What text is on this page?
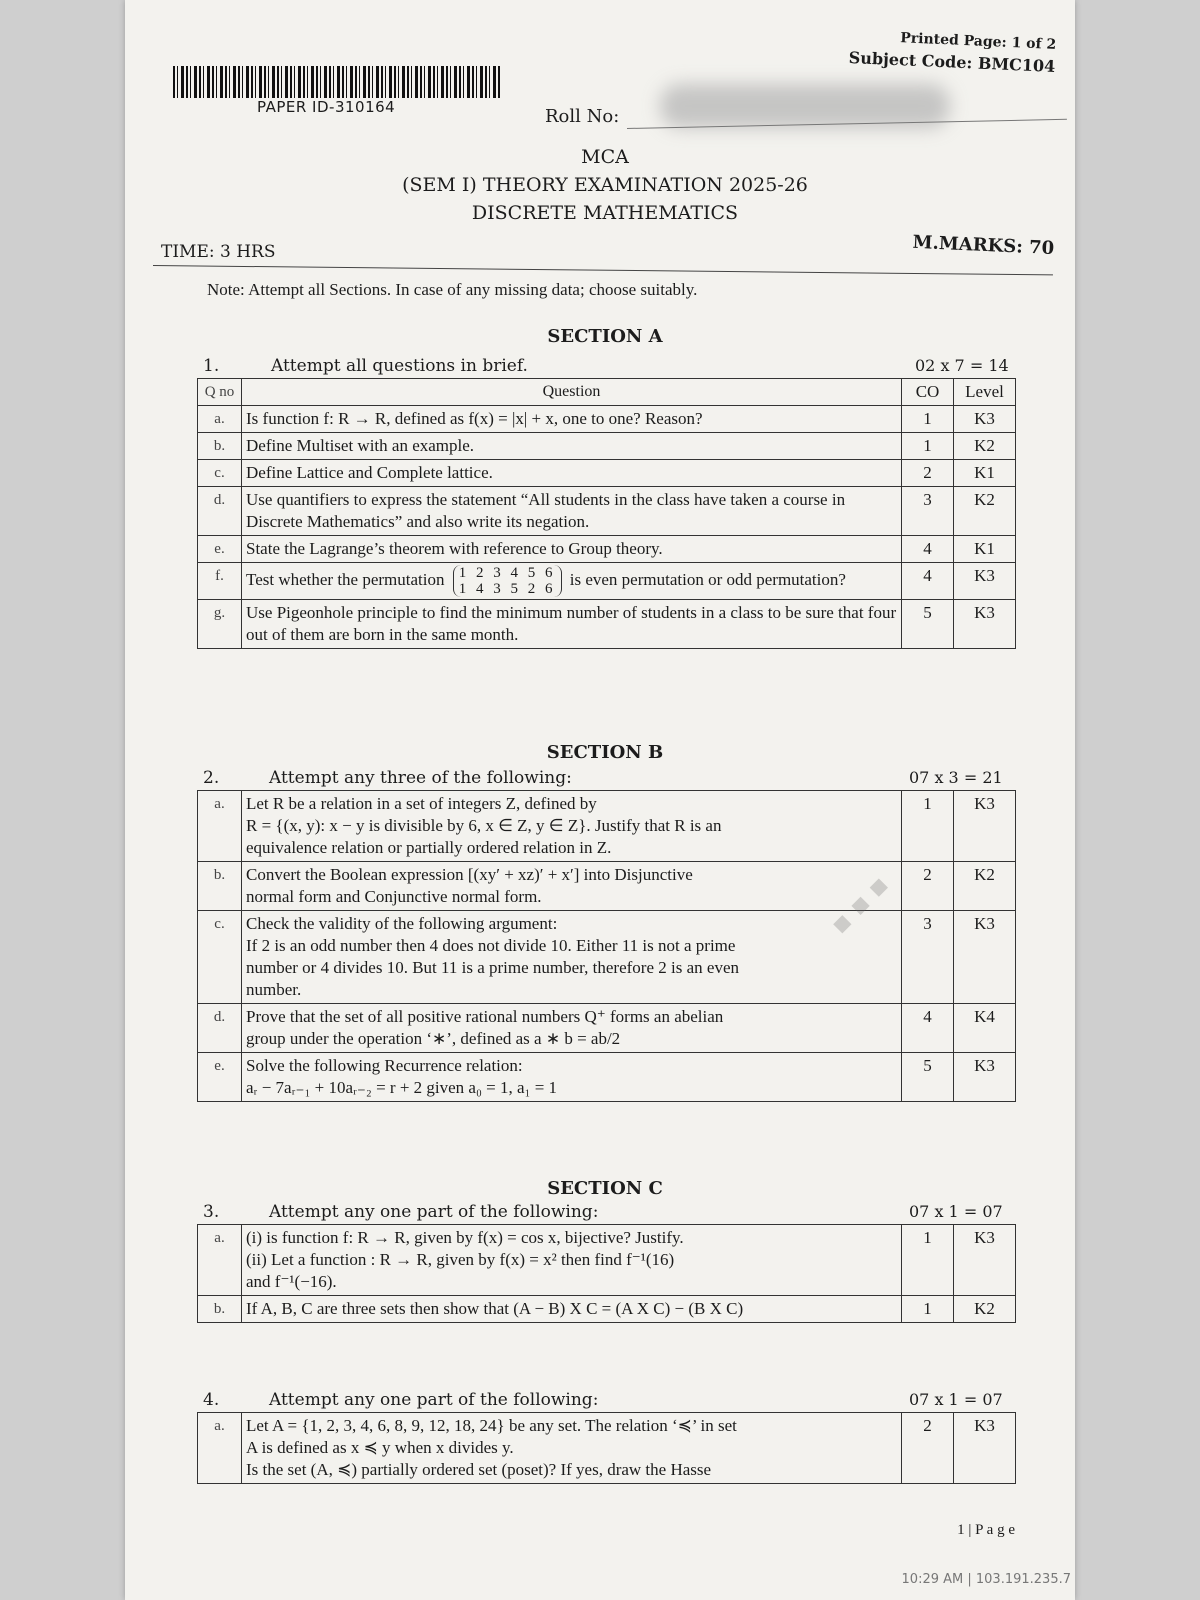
PAPER ID-310164
Printed Page: 1 of 2
Subject Code: BMC104
Roll No:
MCA
(SEM I) THEORY EXAMINATION 2025-26
DISCRETE MATHEMATICS
TIME: 3 HRS	M.MARKS: 70
Note: Attempt all Sections. In case of any missing data; choose suitably.
SECTION A
1.	Attempt all questions in brief.	02 x 7 = 14
Q no	Question	CO	Level
a.	Is function f: R → R, defined as f(x) = |x| + x, one to one? Reason?	1	K3
b.	Define Multiset with an example.	1	K2
c.	Define Lattice and Complete lattice.	2	K1
d.	Use quantifiers to express the statement “All students in the class have taken a course in Discrete Mathematics” and also write its negation.	3	K2
e.	State the Lagrange’s theorem with reference to Group theory.	4	K1
f.	Test whether the permutation 1 2 3 4 5 6
1 4 3 5 2 6 is even permutation or odd permutation?	4	K3
g.	Use Pigeonhole principle to find the minimum number of students in a class to be sure that four out of them are born in the same month.	5	K3
SECTION B
2.	Attempt any three of the following:	07 x 3 = 21
a.	Let R be a relation in a set of integers Z, defined by
R = {(x, y): x − y is divisible by 6, x ∈ Z, y ∈ Z}. Justify that R is an
equivalence relation or partially ordered relation in Z.	1	K3
b.	Convert the Boolean expression [(xy′ + xz)′ + x′] into Disjunctive
normal form and Conjunctive normal form.	2	K2
c.	Check the validity of the following argument:
If 2 is an odd number then 4 does not divide 10. Either 11 is not a prime
number or 4 divides 10. But 11 is a prime number, therefore 2 is an even
number.	3	K3
d.	Prove that the set of all positive rational numbers Q⁺ forms an abelian
group under the operation ‘∗’, defined as a ∗ b = ab/2	4	K4
e.	Solve the following Recurrence relation:
aᵣ − 7aᵣ₋₁ + 10aᵣ₋₂ = r + 2 given a₀ = 1, a₁ = 1	5	K3
SECTION C
3.	Attempt any one part of the following:	07 x 1 = 07
a.	(i) is function f: R → R, given by f(x) = cos x, bijective? Justify.
(ii) Let a function : R → R, given by f(x) = x² then find f⁻¹(16)
and f⁻¹(−16).	1	K3
b.	If A, B, C are three sets then show that (A − B) X C = (A X C) − (B X C)	1	K2
4.	Attempt any one part of the following:	07 x 1 = 07
a.	Let A = {1, 2, 3, 4, 6, 8, 9, 12, 18, 24} be any set. The relation ‘≼’ in set
A is defined as x ≼ y when x divides y.
Is the set (A, ≼) partially ordered set (poset)? If yes, draw the Hasse
	2	K3
▪ ▪ ▪
1 | P a g e
10:29 AM | 103.191.235.7
